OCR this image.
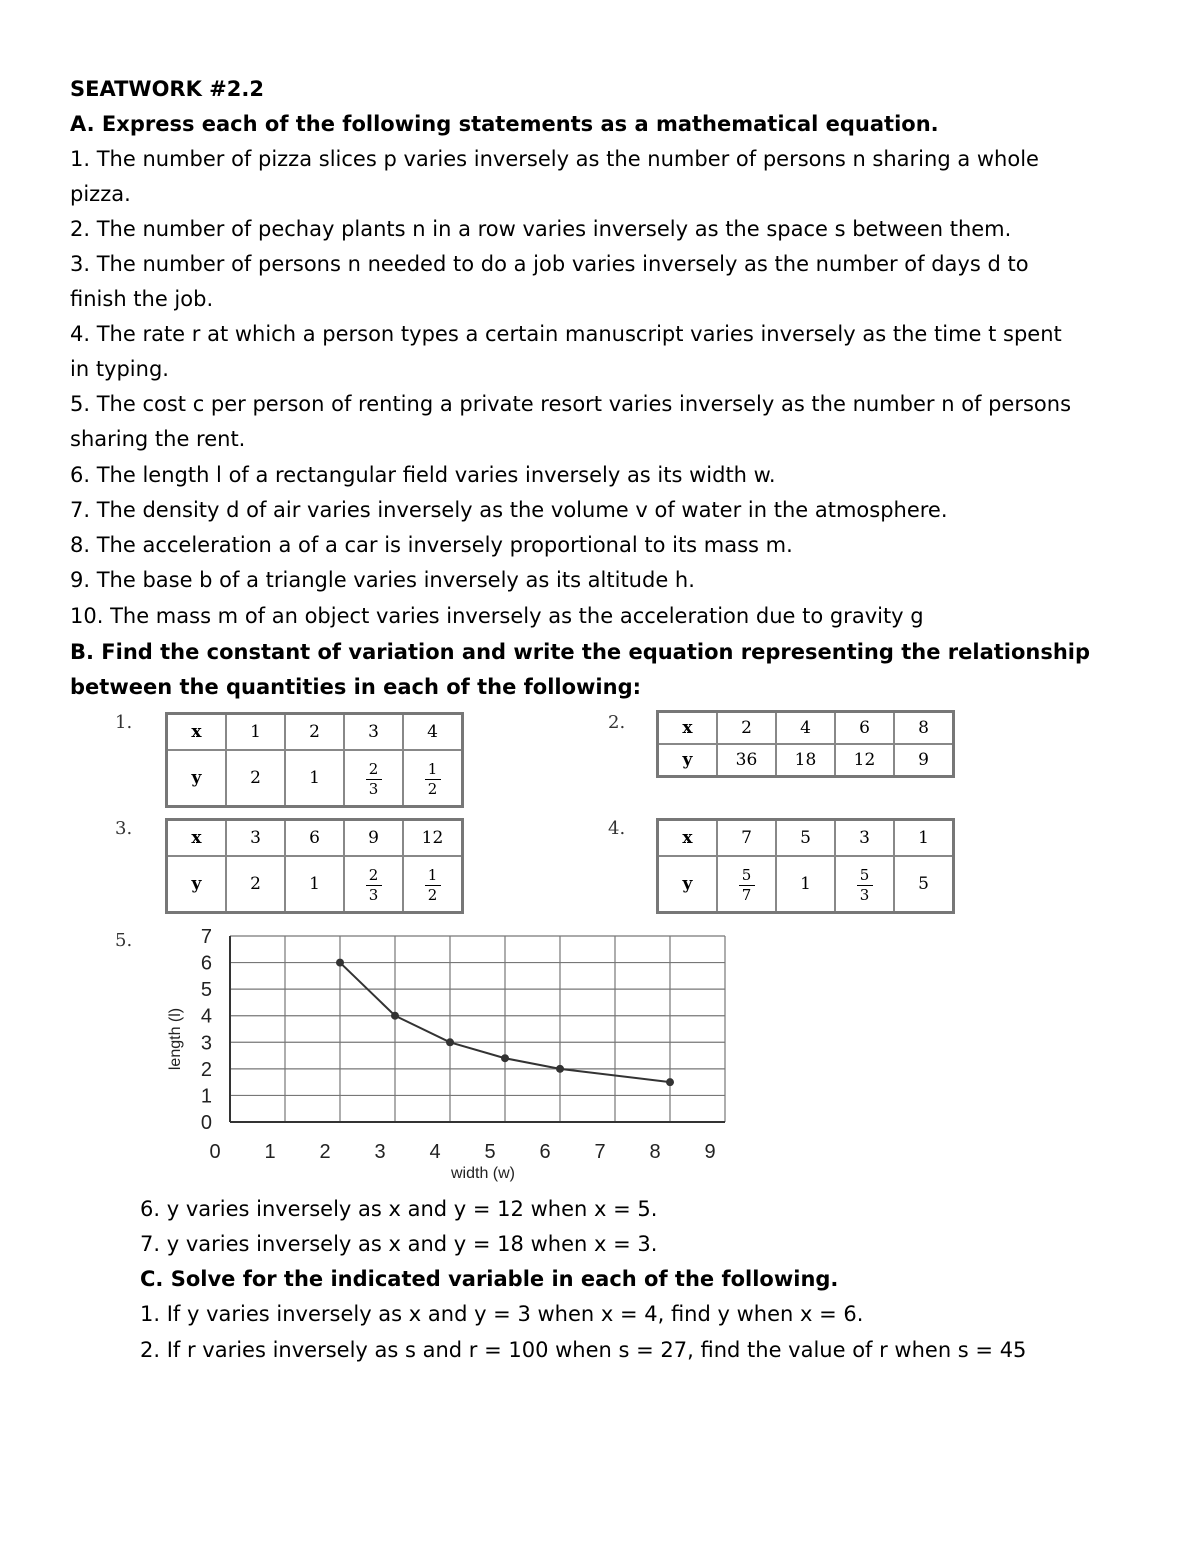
SEATWORK #2.2
A. Express each of the following statements as a mathematical equation.
1. The number of pizza slices p varies inversely as the number of persons n sharing a whole
pizza.
2. The number of pechay plants n in a row varies inversely as the space s between them.
3. The number of persons n needed to do a job varies inversely as the number of days d to
finish the job.
4. The rate r at which a person types a certain manuscript varies inversely as the time t spent
in typing.
5. The cost c per person of renting a private resort varies inversely as the number n of persons
sharing the rent.
6. The length l of a rectangular field varies inversely as its width w.
7. The density d of air varies inversely as the volume v of water in the atmosphere.
8. The acceleration a of a car is inversely proportional to its mass m.
9. The base b of a triangle varies inversely as its altitude h.
10. The mass m of an object varies inversely as the acceleration due to gravity g
B. Find the constant of variation and write the equation representing the relationship
between the quantities in each of the following:
1.	x	1	2	3	4
y	2	1	$\frac{2}{3}$	$\frac{1}{2}$
2.	x	2	4	6	8
y	36	18	12	9
3.	x	3	6	9	12
y	2	1	$\frac{2}{3}$	$\frac{1}{2}$
4.	x	7	5	3	1
y	$\frac{5}{7}$	1	$\frac{5}{3}$	5
5.
0
1
2
3
4
5
6
7
0 1 2 3 4 5 6 7 8 9
width (w)
length (l)
6. y varies inversely as x and y = 12 when x = 5.
7. y varies inversely as x and y = 18 when x = 3.
C. Solve for the indicated variable in each of the following.
1. If y varies inversely as x and y = 3 when x = 4, find y when x = 6.
2. If r varies inversely as s and r = 100 when s = 27, find the value of r when s = 45
